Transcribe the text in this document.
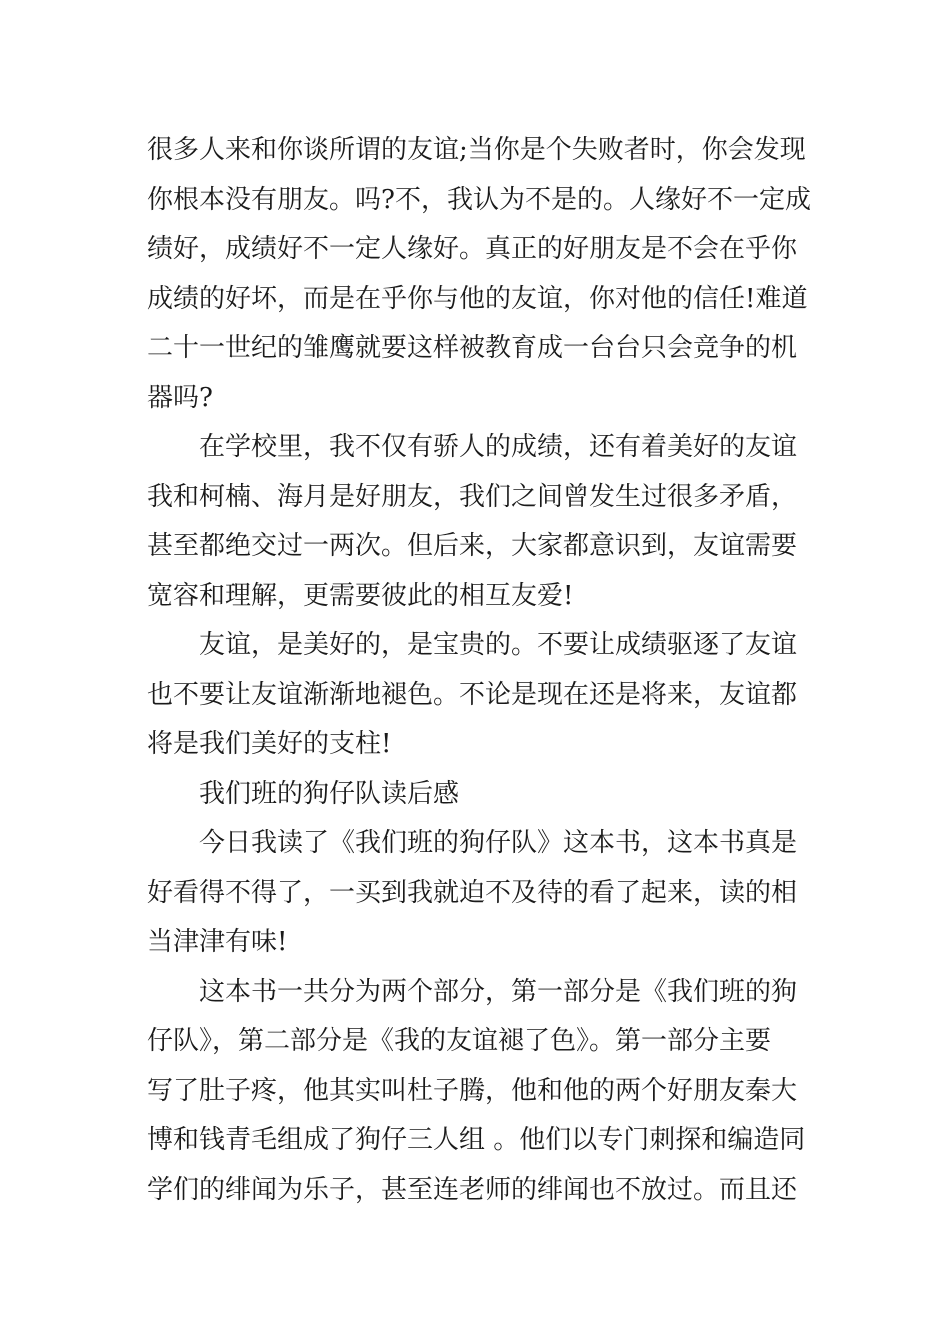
很多人来和你谈所谓的友谊;当你是个失败者时，你会发现
你根本没有朋友。吗?不，我认为不是的。人缘好不一定成
绩好，成绩好不一定人缘好。真正的好朋友是不会在乎你
成绩的好坏，而是在乎你与他的友谊，你对他的信任!难道
二十一世纪的雏鹰就要这样被教育成一台台只会竞争的机
器吗?
在学校里，我不仅有骄人的成绩，还有着美好的友谊
我和柯楠、海月是好朋友，我们之间曾发生过很多矛盾，
甚至都绝交过一两次。但后来，大家都意识到，友谊需要
宽容和理解，更需要彼此的相互友爱!
友谊，是美好的，是宝贵的。不要让成绩驱逐了友谊
也不要让友谊渐渐地褪色。不论是现在还是将来，友谊都
将是我们美好的支柱!
我们班的狗仔队读后感
今日我读了《我们班的狗仔队》这本书，这本书真是
好看得不得了，一买到我就迫不及待的看了起来，读的相
当津津有味!
这本书一共分为两个部分，第一部分是《我们班的狗
仔队》，第二部分是《我的友谊褪了色》。第一部分主要
写了肚子疼，他其实叫杜子腾，他和他的两个好朋友秦大
博和钱青毛组成了狗仔三人组 。他们以专门刺探和编造同
学们的绯闻为乐子，甚至连老师的绯闻也不放过。而且还
